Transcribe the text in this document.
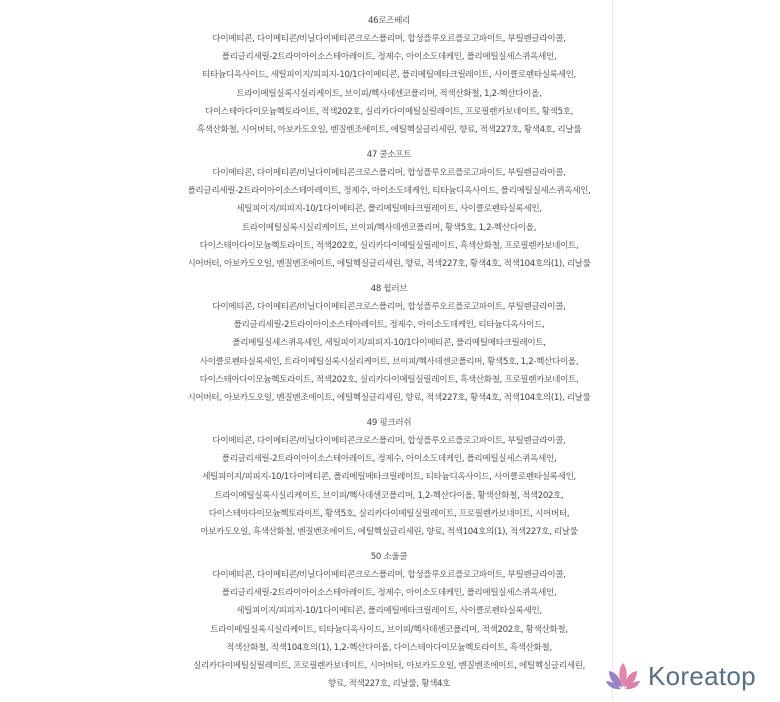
46로즈베리
다이메티콘, 다이메티콘/비닐다이메티콘크로스폴리머, 합성플루오르플로고파이트, 부틸렌글라이콜,
폴리글리세릴-2트라이아이소스테아레이트, 정제수, 아이소도데케인, 폴리메틸실세스퀴옥세인,
티타늄디옥사이드, 세틸피이지/피피지-10/1다이메티콘, 폴리메틸메타크릴레이트, 사이클로펜타실록세인,
트라이메틸실록시실리케이트, 브이피/헥사데센코폴리머, 적색산화철, 1,2-헥산다이올,
다이스테아다이모늄헥토라이트, 적색202호, 실리카다이메틸실릴레이트, 프로필렌카보네이트, 황색5호,
흑색산화철, 시어버터, 아보카도오일, 벤질벤조에이트, 에틸헥실글리세린, 향료, 적색227호, 황색4호, 리날룰
47 쿨소프트
다이메티콘, 다이메티콘/비닐다이메티콘크로스폴리머, 합성플루오르플로고파이트, 부틸렌글라이콜,
폴리글리세릴-2트라이아이소스테아레이트, 정제수, 아이소도데케인, 티타늄디옥사이드, 폴리메틸실세스퀴옥세인,
세틸피이지/피피지-10/1다이메티콘, 폴리메틸메타크릴레이트, 사이클로펜타실록세인,
트라이메틸실록시실리케이트, 브이피/헥사데센코폴리머, 황색5호, 1,2-헥산다이올,
다이스테아다이모늄헥토라이트, 적색202호, 실리카다이메틸실릴레이트, 흑색산화철, 프로필렌카보네이트,
시어버터, 아보카도오일, 벤질벤조에이트, 에틸헥실글리세린, 향료, 적색227호, 황색4호, 적색104호의(1), 리날룰
48 윌러브
다이메티콘, 다이메티콘/비닐다이메티콘크로스폴리머, 합성플루오르플로고파이트, 부틸렌글라이콜,
폴리글리세릴-2트라이아이소스테아레이트, 정제수, 아이소도데케인, 티타늄디옥사이드,
폴리메틸실세스퀴옥세인, 세틸피이지/피피지-10/1다이메티콘, 폴리메틸메타크릴레이트,
사이클로펜타실록세인, 트라이메틸실록시실리케이트, 브이피/헥사데센코폴리머, 황색5호, 1,2-헥산다이올,
다이스테아다이모늄헥토라이트, 적색202호, 실리카다이메틸실릴레이트, 흑색산화철, 프로필렌카보네이트,
시어버터, 아보카도오일, 벤질벤조에이트, 에틸헥실글리세린, 향료, 적색227호, 황색4호, 적색104호의(1), 리날룰
49 핑크러쉬
다이메티콘, 다이메티콘/비닐다이메티콘크로스폴리머, 합성플루오르플로고파이트, 부틸렌글라이콜,
폴리글리세릴-2트라이아이소스테아레이트, 정제수, 아이소도데케인, 폴리메틸실세스퀴옥세인,
세틸피이지/피피지-10/1다이메티콘, 폴리메틸메타크릴레이트, 티타늄디옥사이드, 사이클로펜타실록세인,
트라이메틸실록시실리케이트, 브이피/헥사데센코폴리머, 1,2-헥산다이올, 황색산화철, 적색202호,
다이스테아다이모늄헥토라이트, 황색5호, 실리카다이메틸실릴레이트, 프로필렌카보네이트, 시어버터,
아보카도오일, 흑색산화철, 벤질벤조에이트, 에틸헥실글리세린, 향료, 적색104호의(1), 적색227호, 리날룰
50 소울쿨
다이메티콘, 다이메티콘/비닐다이메티콘크로스폴리머, 합성플루오르플로고파이트, 부틸렌글라이콜,
폴리글리세릴-2트라이아이소스테아레이트, 정제수, 아이소도데케인, 폴리메틸실세스퀴옥세인,
세틸피이지/피피지-10/1다이메티콘, 폴리메틸메타크릴레이트, 사이클로펜타실록세인,
트라이메틸실록시실리케이트, 티타늄디옥사이드, 브이피/헥사데센코폴리머, 적색202호, 황색산화철,
적색산화철, 적색104호의(1), 1,2-헥산다이올, 다이스테아다이모늄헥토라이트, 흑색산화철,
실리카다이메틸실릴레이트, 프로필렌카보네이트, 시어버터, 아보카도오일, 벤질벤조에이트, 에틸헥실글리세린,
향료, 적색227호, 리날룰, 황색4호	Koreatop
